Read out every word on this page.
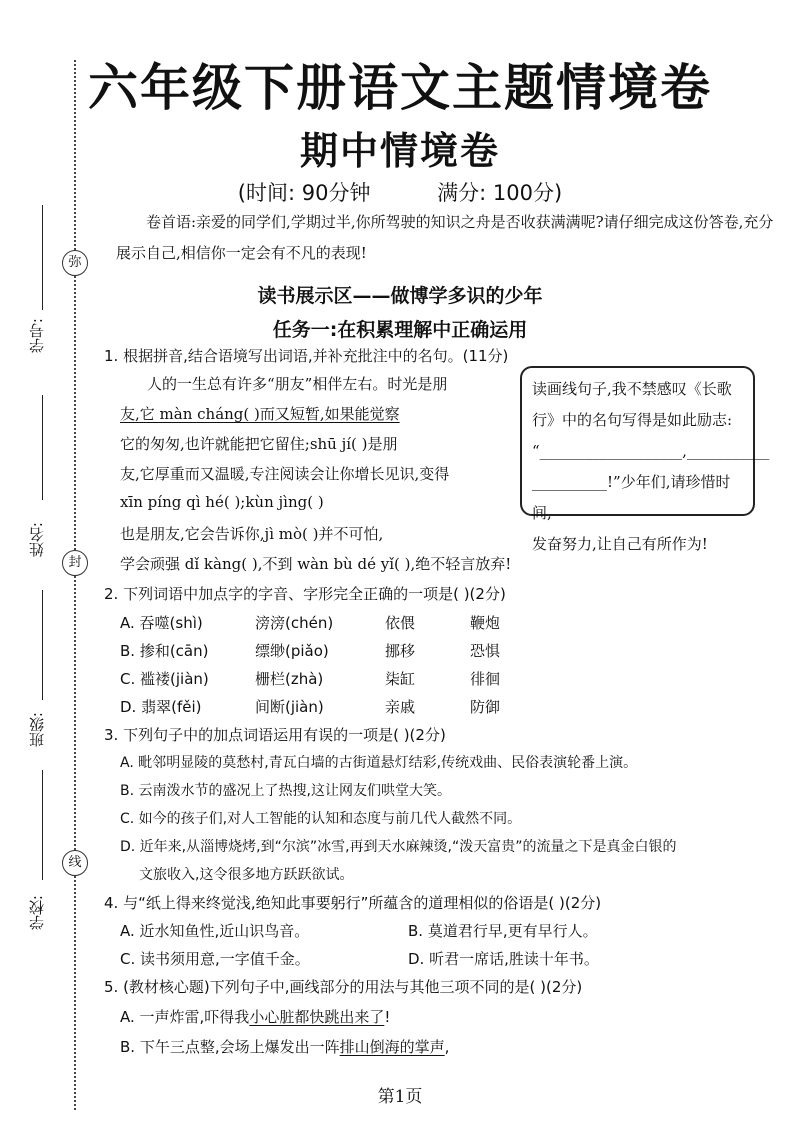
弥
封
线
学号:
姓名:
班级:
学校:
六年级下册语文主题情境卷
期中情境卷
(时间: 90分钟	满分: 100分)
卷首语:亲爱的同学们,学期过半,你所驾驶的知识之舟是否收获满满呢?请仔细完成这份答卷,充分展示自己,相信你一定会有不凡的表现!
读书展示区——做博学多识的少年
任务一:在积累理解中正确运用
1. 根据拼音,结合语境写出词语,并补充批注中的名句。(11分)
人的一生总有许多“朋友”相伴左右。时光是朋
友,它 màn cháng( )而又短暂,如果能觉察
它的匆匆,也许就能把它留住;shū jí( )是朋
友,它厚重而又温暖,专注阅读会让你增长见识,变得
xīn píng qì hé( );kùn jìng( )
也是朋友,它会告诉你,jì mò( )并不可怕,
学会顽强 dǐ kàng( ),不到 wàn bù dé yǐ( ),绝不轻言放弃!
读画线句子,我不禁感叹《长歌
行》中的名句写得是如此励志:
“___________________,___________
__________!”少年们,请珍惜时间,
发奋努力,让自己有所作为!
2. 下列词语中加点字的字音、字形完全正确的一项是( )(2分)
A. 吞噬(shì)	滂滂(chén)	依偎	鞭炮
B. 掺和(cān)	缥缈(piǎo)	挪移	恐惧
C. 褴褛(jiàn)	栅栏(zhà)	柒缸	徘徊
D. 翡翠(fěi)	间断(jiàn)	亲戚	防御
3. 下列句子中的加点词语运用有误的一项是( )(2分)
A. 毗邻明显陵的莫愁村,青瓦白墙的古街道悬灯结彩,传统戏曲、民俗表演轮番上演。
B. 云南泼水节的盛况上了热搜,这让网友们哄堂大笑。
C. 如今的孩子们,对人工智能的认知和态度与前几代人截然不同。
D. 近年来,从淄博烧烤,到“尔滨”冰雪,再到天水麻辣烫,“泼天富贵”的流量之下是真金白银的
文旅收入,这令很多地方跃跃欲试。
4. 与“纸上得来终觉浅,绝知此事要躬行”所蕴含的道理相似的俗语是( )(2分)
A. 近水知鱼性,近山识鸟音。	B. 莫道君行早,更有早行人。
C. 读书须用意,一字值千金。	D. 听君一席话,胜读十年书。
5. (教材核心题)下列句子中,画线部分的用法与其他三项不同的是( )(2分)
A. 一声炸雷,吓得我小心脏都快跳出来了!
B. 下午三点整,会场上爆发出一阵排山倒海的掌声,
第1页
